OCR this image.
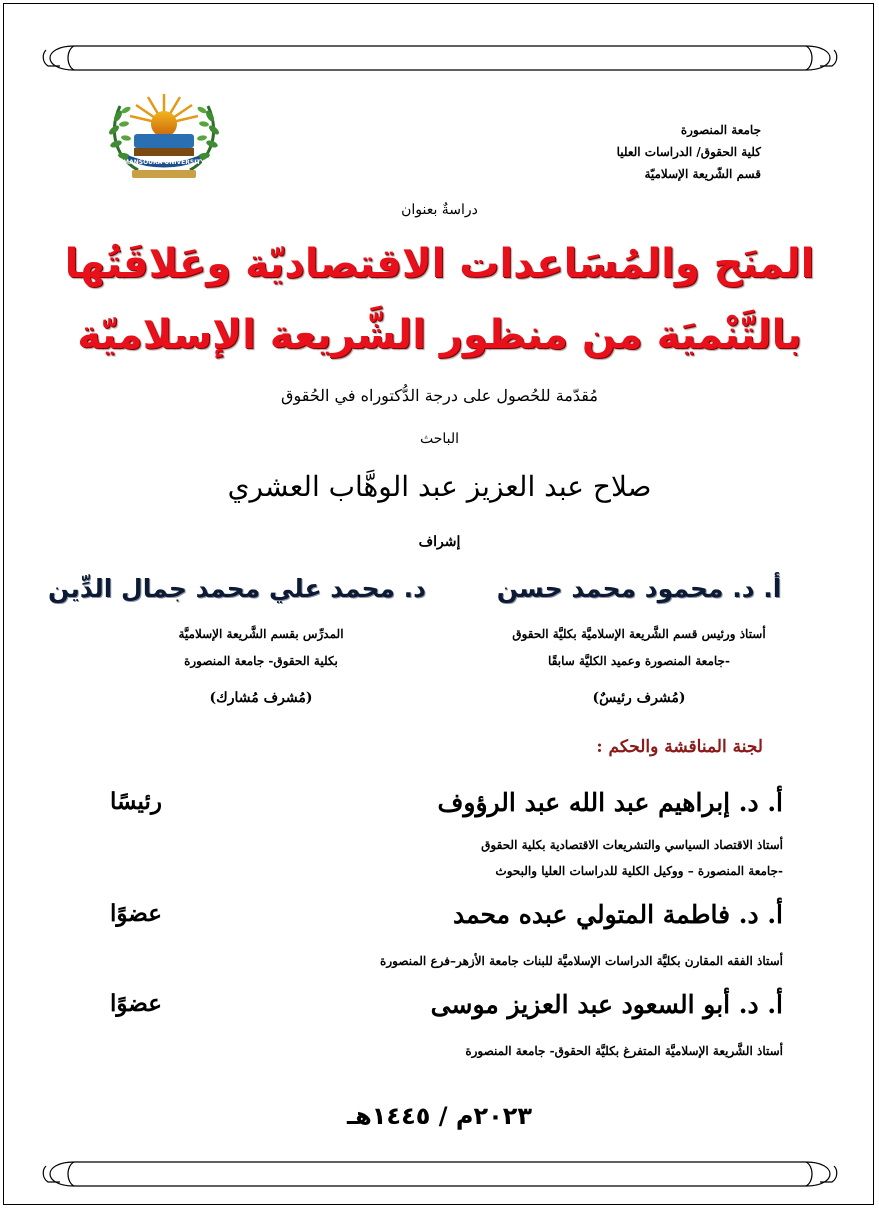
MANSOURA UNIVERSITY
جامعة المنصورة
كلية الحقوق/ الدراسات العليا
قسم الشّريعة الإسلاميّة
دراسةٌ بعنوان
المنَح والمُسَاعدات الاقتصاديّة وعَلاقَتُها
بالتَّنْميَة من منظور الشَّريعة الإسلاميّة
مُقدّمة للحُصول على درجة الدُّكتوراه في الحُقوق
الباحث
صلاح عبد العزيز عبد الوهَّاب العشري
إشراف
أ. د. محمود محمد حسن
أستاذ ورئيس قسم الشَّريعة الإسلاميَّة بكليَّة الحقوق
-جامعة المنصورة وعميد الكليَّة سابقًا
(مُشرف رئيسٌ)
د. محمد علي محمد جمال الدِّين
المدرِّس بقسم الشَّريعة الإسلاميَّة
بكلية الحقوق- جامعة المنصورة
(مُشرف مُشارك)
لجنة المناقشة والحكم :
أ. د. إبراهيم عبد الله عبد الرؤوف
رئيسًا
أستاذ الاقتصاد السياسي والتشريعات الاقتصادية بكلية الحقوق
-جامعة المنصورة – ووكيل الكلية للدراسات العليا والبحوث
أ. د. فاطمة المتولي عبده محمد
عضوًا
أستاذ الفقه المقارن بكليَّة الدراسات الإسلاميَّة للبنات جامعة الأزهر–فرع المنصورة
أ. د. أبو السعود عبد العزيز موسى
عضوًا
أستاذ الشَّريعة الإسلاميَّة المتفرغ بكليَّة الحقوق- جامعة المنصورة
٢٠٢٣م / ١٤٤٥هـ
